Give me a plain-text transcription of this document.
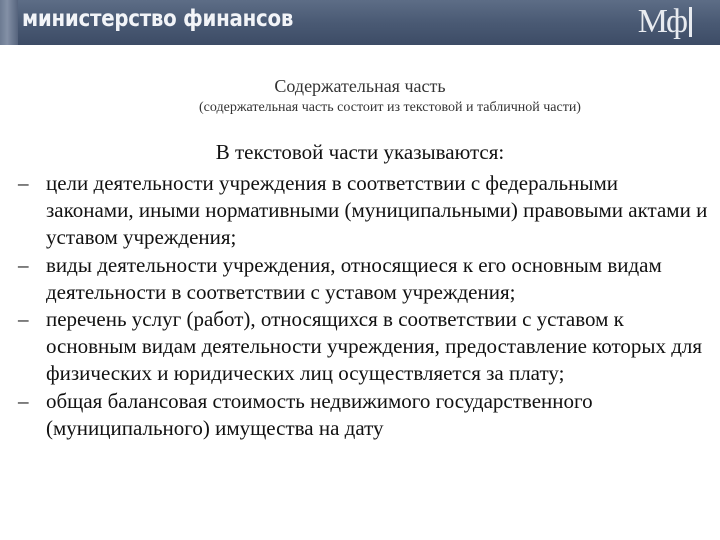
министерство финансов	Мф
Содержательная часть
(содержательная часть состоит из текстовой и табличной части)
В текстовой части указываются:
– цели деятельности учреждения в соответствии с федеральными законами, иными нормативными (муниципальными) правовыми актами и уставом учреждения;
– виды деятельности учреждения, относящиеся к его основным видам деятельности в соответствии с уставом учреждения;
– перечень услуг (работ), относящихся в соответствии с уставом к основным видам деятельности учреждения, предоставление которых для физических и юридических лиц осуществляется за плату;
– общая балансовая стоимость недвижимого государственного (муниципального) имущества на дату
